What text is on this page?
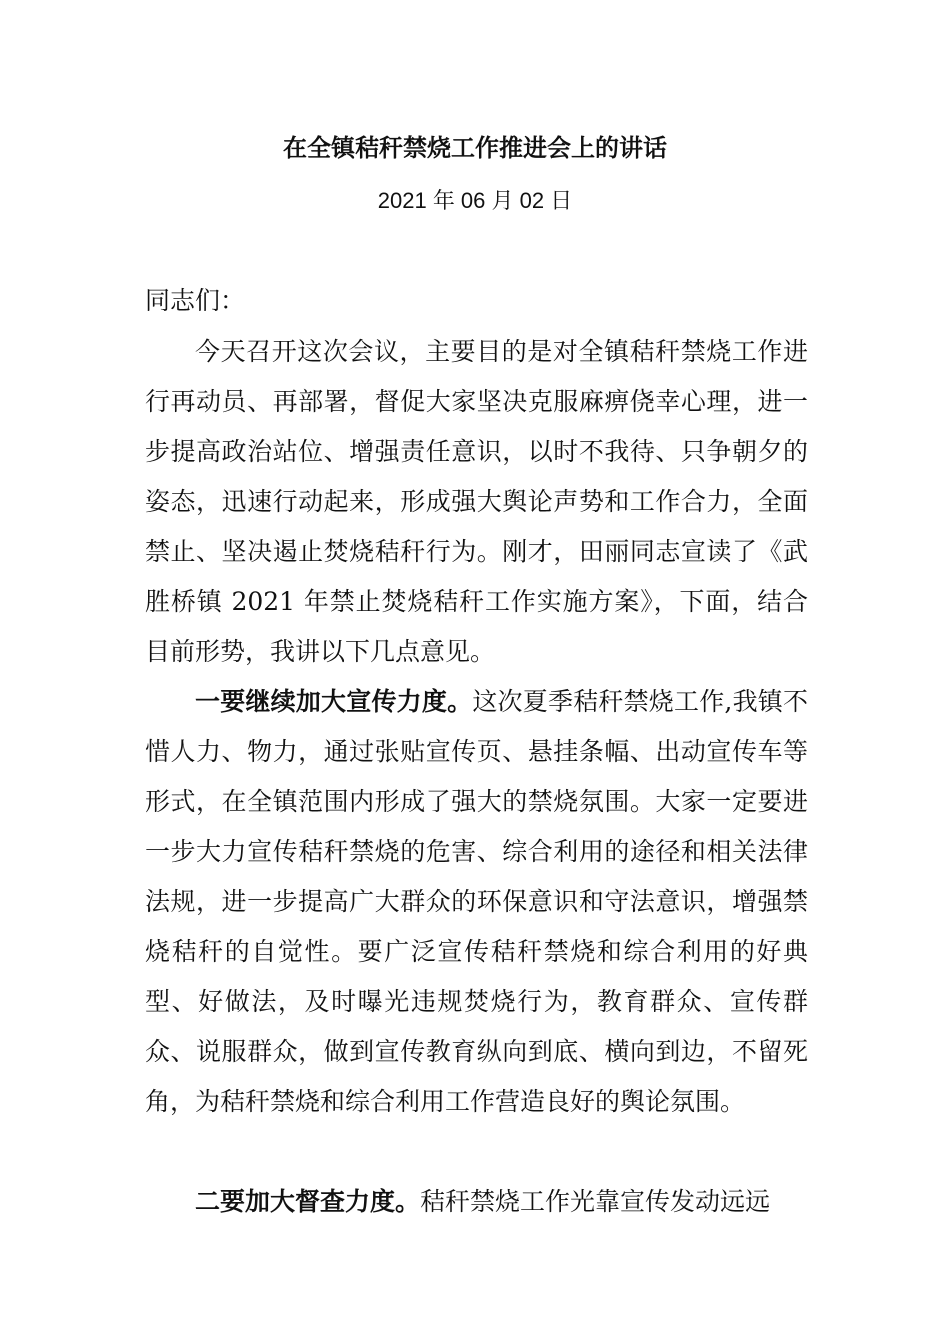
在全镇秸秆禁烧工作推进会上的讲话
2021 年 06 月 02 日
同志们：

今天召开这次会议，主要目的是对全镇秸秆禁烧工作进行再动员、再部署，督促大家坚决克服麻痹侥幸心理，进一步提高政治站位、增强责任意识，以时不我待、只争朝夕的姿态，迅速行动起来，形成强大舆论声势和工作合力，全面禁止、坚决遏止焚烧秸秆行为。刚才，田丽同志宣读了《武胜桥镇 2021 年禁止焚烧秸秆工作实施方案》，下面，结合目前形势，我讲以下几点意见。

一要继续加大宣传力度。这次夏季秸秆禁烧工作,我镇不惜人力、物力，通过张贴宣传页、悬挂条幅、出动宣传车等形式，在全镇范围内形成了强大的禁烧氛围。大家一定要进一步大力宣传秸秆禁烧的危害、综合利用的途径和相关法律法规，进一步提高广大群众的环保意识和守法意识，增强禁烧秸秆的自觉性。要广泛宣传秸秆禁烧和综合利用的好典型、好做法，及时曝光违规焚烧行为，教育群众、宣传群众、说服群众，做到宣传教育纵向到底、横向到边，不留死角，为秸秆禁烧和综合利用工作营造良好的舆论氛围。

二要加大督查力度。秸秆禁烧工作光靠宣传发动远远
